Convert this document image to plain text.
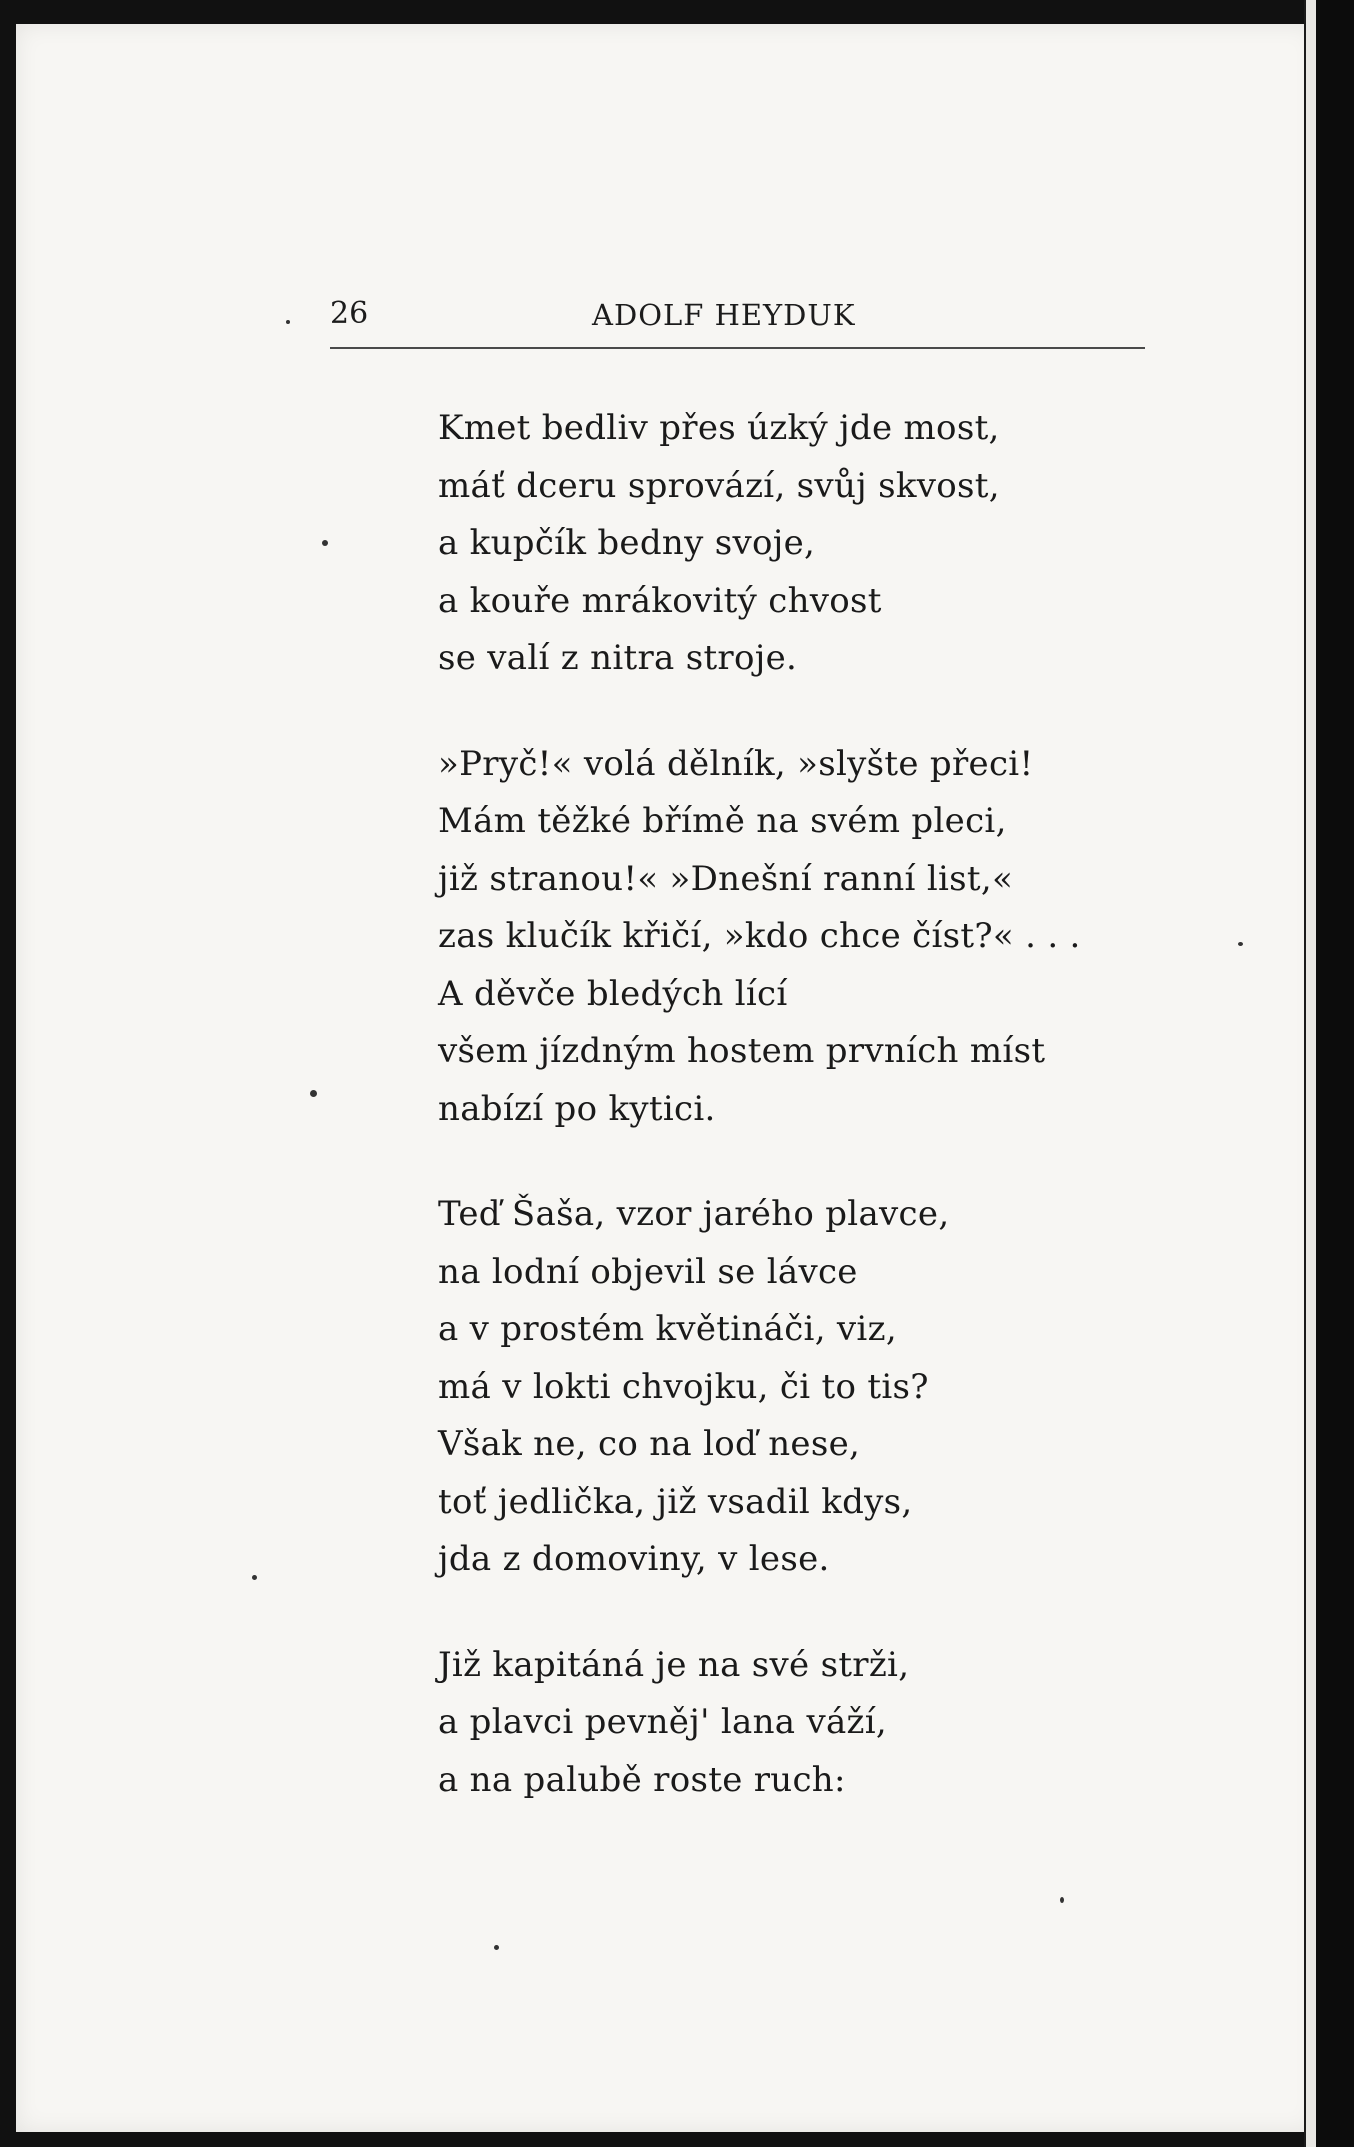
26	ADOLF HEYDUK
Kmet bedliv přes úzký jde most,
máť dceru sprovází, svůj skvost,
a kupčík bedny svoje,
a kouře mrákovitý chvost
se valí z nitra stroje.
»Pryč!« volá dělník, »slyšte přeci!
Mám těžké břímě na svém pleci,
již stranou!« »Dnešní ranní list,«
zas klučík křičí, »kdo chce číst?« . . .
A děvče bledých lící
všem jízdným hostem prvních míst
nabízí po kytici.
Teď Šaša, vzor jarého plavce,
na lodní objevil se lávce
a v prostém květináči, viz,
má v lokti chvojku, či to tis?
Však ne, co na loď nese,
toť jedlička, již vsadil kdys,
jda z domoviny, v lese.
Již kapitáná je na své strži,
a plavci pevněj' lana váží,
a na palubě roste ruch:
